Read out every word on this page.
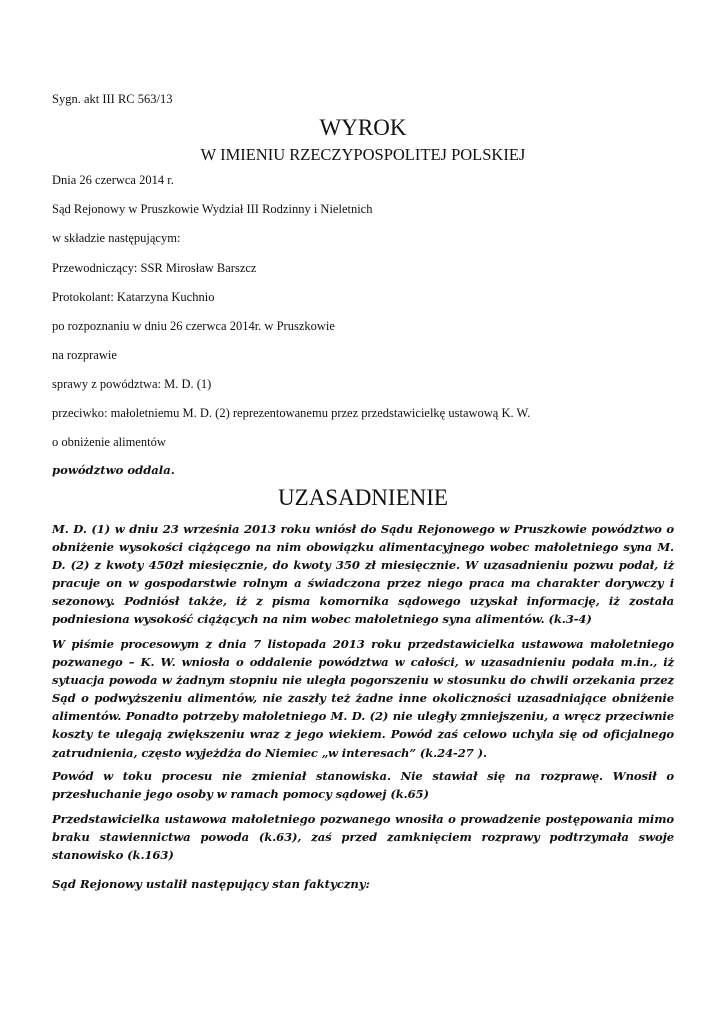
Sygn. akt III RC 563/13
WYROK
W IMIENIU RZECZYPOSPOLITEJ POLSKIEJ
Dnia 26 czerwca 2014 r.
Sąd Rejonowy w Pruszkowie Wydział III Rodzinny i Nieletnich
w składzie następującym:
Przewodniczący: SSR Mirosław Barszcz
Protokolant: Katarzyna Kuchnio
po rozpoznaniu w dniu 26 czerwca 2014r. w Pruszkowie
na rozprawie
sprawy z powództwa: M. D. (1)
przeciwko: małoletniemu M. D. (2) reprezentowanemu przez przedstawicielkę ustawową K. W.
o obniżenie alimentów
powództwo oddala.
UZASADNIENIE
M. D. (1) w dniu 23 września 2013 roku wniósł do Sądu Rejonowego w Pruszkowie powództwo o obniżenie wysokości ciążącego na nim obowiązku alimentacyjnego wobec małoletniego syna M. D. (2) z kwoty 450zł miesięcznie, do kwoty 350 zł miesięcznie. W uzasadnieniu pozwu podał, iż pracuje on w gospodarstwie rolnym a świadczona przez niego praca ma charakter dorywczy i sezonowy. Podniósł także, iż z pisma komornika sądowego uzyskał informację, iż została podniesiona wysokość ciążących na nim wobec małoletniego syna alimentów. (k.3-4)
W piśmie procesowym z dnia 7 listopada 2013 roku przedstawicielka ustawowa małoletniego pozwanego – K. W. wniosła o oddalenie powództwa w całości, w uzasadnieniu podała m.in., iż sytuacja powoda w żadnym stopniu nie uległa pogorszeniu w stosunku do chwili orzekania przez Sąd o podwyższeniu alimentów, nie zaszły też żadne inne okoliczności uzasadniające obniżenie alimentów. Ponadto potrzeby małoletniego M. D. (2) nie uległy zmniejszeniu, a wręcz przeciwnie koszty te ulegają zwiększeniu wraz z jego wiekiem. Powód zaś celowo uchyla się od oficjalnego zatrudnienia, często wyjeżdża do Niemiec „w interesach” (k.24-27 ).
Powód w toku procesu nie zmieniał stanowiska. Nie stawiał się na rozprawę. Wnosił o przesłuchanie jego osoby w ramach pomocy sądowej (k.65)
Przedstawicielka ustawowa małoletniego pozwanego wnosiła o prowadzenie postępowania mimo braku stawiennictwa powoda (k.63), zaś przed zamknięciem rozprawy podtrzymała swoje stanowisko (k.163)
Sąd Rejonowy ustalił następujący stan faktyczny:
